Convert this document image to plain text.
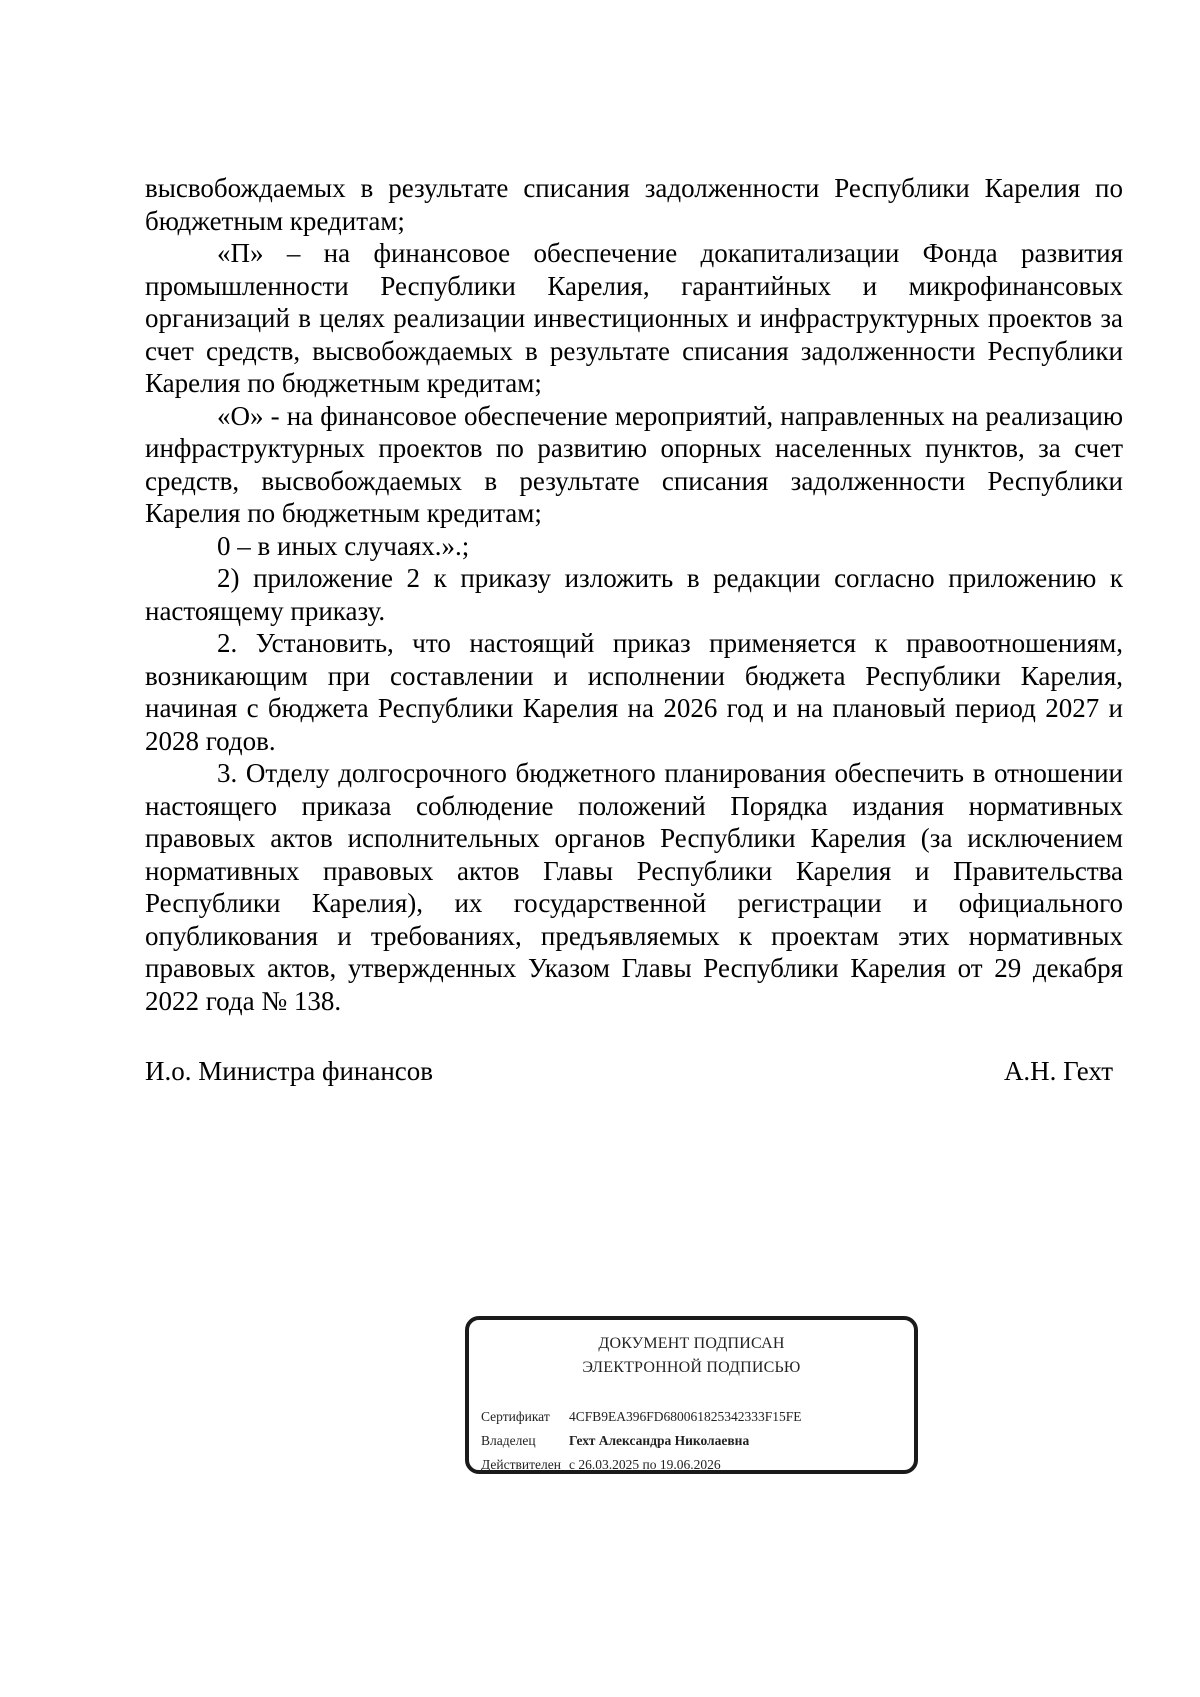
высвобождаемых в результате списания задолженности Республики Карелия по бюджетным кредитам;

«П» – на финансовое обеспечение докапитализации Фонда развития промышленности Республики Карелия, гарантийных и микрофинансовых организаций в целях реализации инвестиционных и инфраструктурных проектов за счет средств, высвобождаемых в результате списания задолженности Республики Карелия по бюджетным кредитам;

«О» - на финансовое обеспечение мероприятий, направленных на реализацию инфраструктурных проектов по развитию опорных населенных пунктов, за счет средств, высвобождаемых в результате списания задолженности Республики Карелия по бюджетным кредитам;

0 – в иных случаях.».;

2) приложение 2 к приказу изложить в редакции согласно приложению к настоящему приказу.

2. Установить, что настоящий приказ применяется к правоотношениям, возникающим при составлении и исполнении бюджета Республики Карелия, начиная с бюджета Республики Карелия на 2026 год и на плановый период 2027 и 2028 годов.

3. Отделу долгосрочного бюджетного планирования обеспечить в отношении настоящего приказа соблюдение положений Порядка издания нормативных правовых актов исполнительных органов Республики Карелия (за исключением нормативных правовых актов Главы Республики Карелия и Правительства Республики Карелия), их государственной регистрации и официального опубликования и требованиях, предъявляемых к проектам этих нормативных правовых актов, утвержденных Указом Главы Республики Карелия от 29 декабря 2022 года № 138.

И.о. Министра финансов	А.Н. Гехт
ДОКУМЕНТ ПОДПИСАН
ЭЛЕКТРОННОЙ ПОДПИСЬЮ
Сертификат 4CFB9EA396FD680061825342333F15FE
Владелец Гехт Александра Николаевна
Действителен с 26.03.2025 по 19.06.2026
